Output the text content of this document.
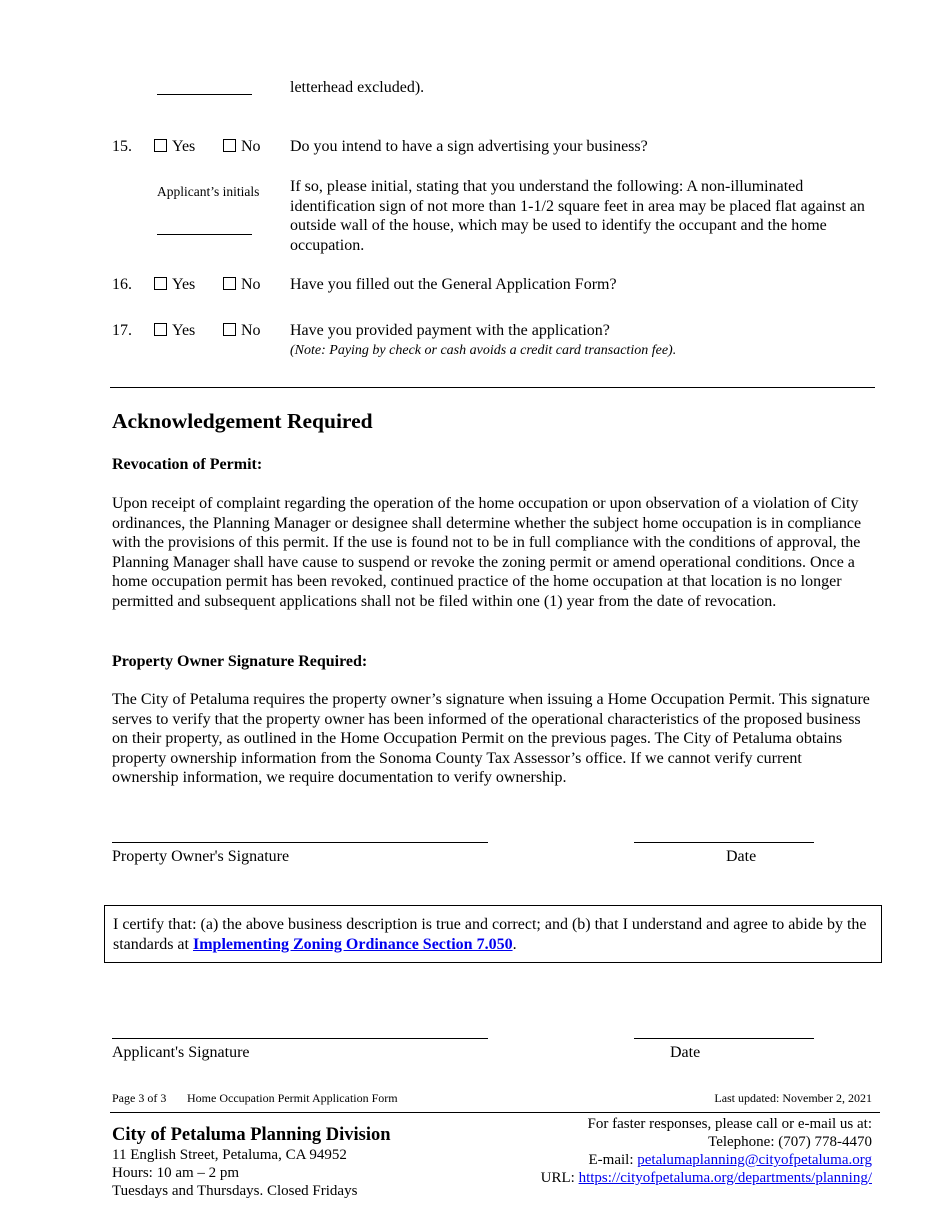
letterhead excluded).
15.	Yes	No Do you intend to have a sign advertising your business?
Applicant’s initials If so, please initial, stating that you understand the following: A non-illuminated identification sign of not more than 1-1/2 square feet in area may be placed flat against an outside wall of the house, which may be used to identify the occupant and the home occupation.
16.	Yes	No Have you filled out the General Application Form?
17.	Yes	No Have you provided payment with the application?
(Note: Paying by check or cash avoids a credit card transaction fee).
Acknowledgement Required
Revocation of Permit:
Upon receipt of complaint regarding the operation of the home occupation or upon observation of a violation of City ordinances, the Planning Manager or designee shall determine whether the subject home occupation is in compliance with the provisions of this permit. If the use is found not to be in full compliance with the conditions of approval, the Planning Manager shall have cause to suspend or revoke the zoning permit or amend operational conditions. Once a home occupation permit has been revoked, continued practice of the home occupation at that location is no longer permitted and subsequent applications shall not be filed within one (1) year from the date of revocation.
Property Owner Signature Required:
The City of Petaluma requires the property owner’s signature when issuing a Home Occupation Permit. This signature serves to verify that the property owner has been informed of the operational characteristics of the proposed business on their property, as outlined in the Home Occupation Permit on the previous pages. The City of Petaluma obtains property ownership information from the Sonoma County Tax Assessor’s office. If we cannot verify current ownership information, we require documentation to verify ownership.
Property Owner's Signature	Date
I certify that: (a) the above business description is true and correct; and (b) that I understand and agree to abide by the standards at Implementing Zoning Ordinance Section 7.050.
Applicant's Signature	Date
Page 3 of 3 Home Occupation Permit Application Form	Last updated: November 2, 2021
City of Petaluma Planning Division
11 English Street, Petaluma, CA 94952
Hours: 10 am – 2 pm
Tuesdays and Thursdays. Closed Fridays
For faster responses, please call or e-mail us at:
Telephone: (707) 778-4470
E-mail: petalumaplanning@cityofpetaluma.org
URL: https://cityofpetaluma.org/departments/planning/
